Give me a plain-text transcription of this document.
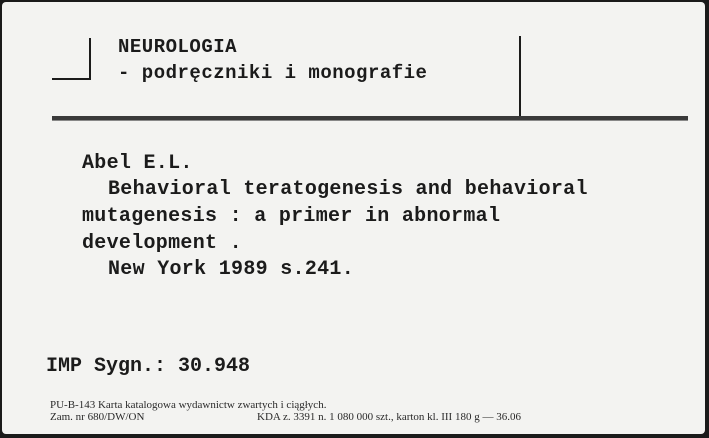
NEUROLOGIA
- podręczniki i monografie
Abel E.L.
Behavioral teratogenesis and behavioral
mutagenesis : a primer in abnormal
development .
New York 1989 s.241.
IMP Sygn.: 30.948
PU-B-143 Karta katalogowa wydawnictw zwartych i ciągłych.
Zam. nr 680/DW/ON	KDA z. 3391 n. 1 080 000 szt., karton kl. III 180 g — 36.06
